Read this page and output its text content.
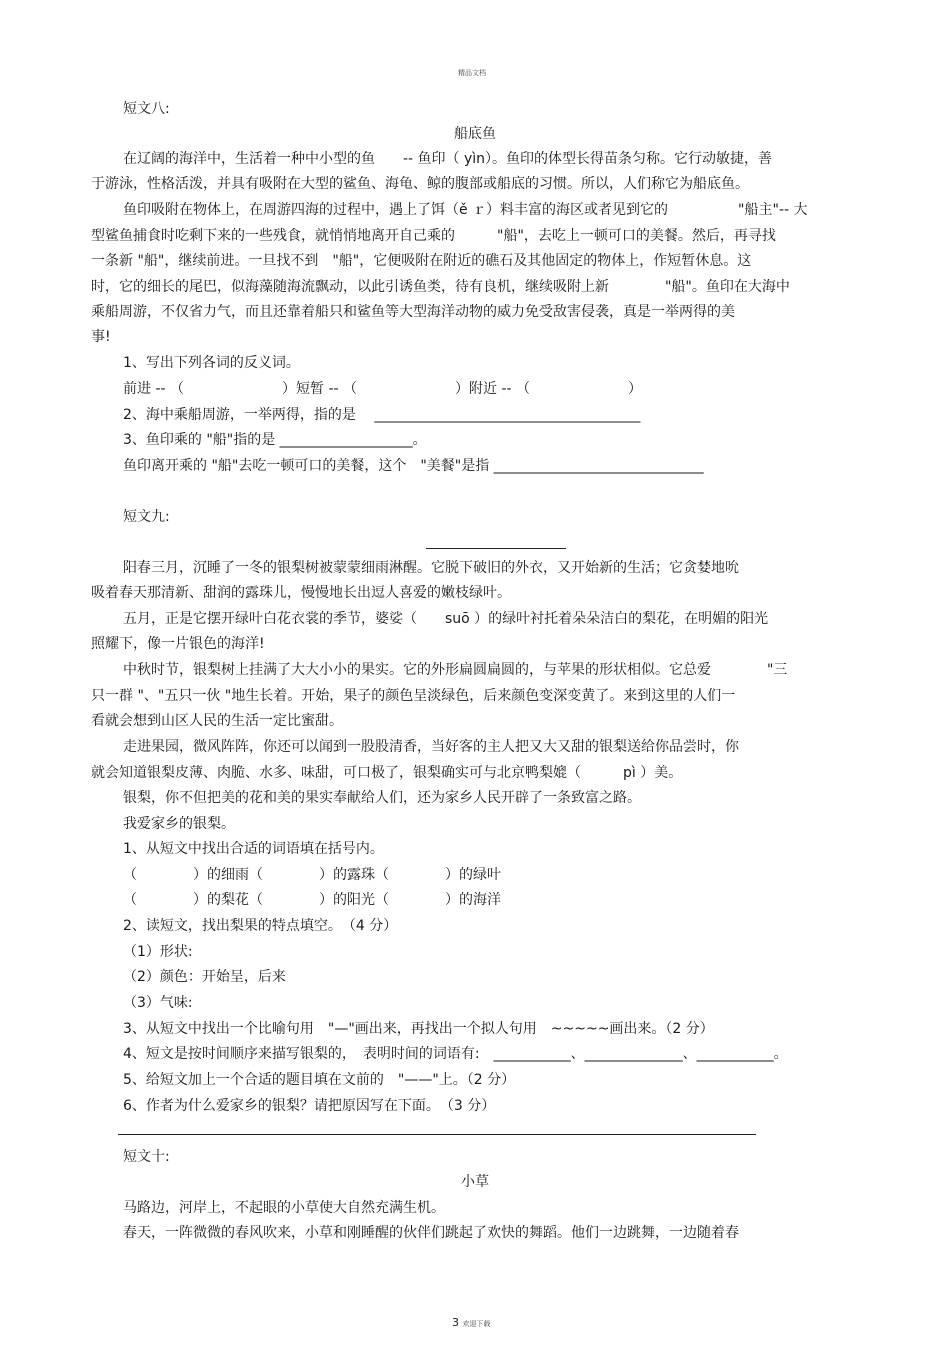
精品文档
短文八:
船底鱼
在辽阔的海洋中，生活着一种中小型的鱼　　-- 鱼印（ yìn）。鱼印的体型长得苗条匀称。它行动敏捷，善
于游泳，性格活泼，并具有吸附在大型的鲨鱼、海龟、鲸的腹部或船底的习惯。所以，人们称它为船底鱼。
鱼印吸附在物体上，在周游四海的过程中，遇上了饵（ě ｒ）料丰富的海区或者见到它的　　　　　"船主"-- 大
型鲨鱼捕食时吃剩下来的一些残食，就悄悄地离开自己乘的　　　"船"，去吃上一顿可口的美餐。然后，再寻找
一条新 "船"，继续前进。一旦找不到　"船"，它便吸附在附近的礁石及其他固定的物体上，作短暂休息。这
时，它的细长的尾巴，似海藻随海流飘动，以此引诱鱼类，待有良机，继续吸附上新　　　　"船"。鱼印在大海中
乘船周游，不仅省力气，而且还靠着船只和鲨鱼等大型海洋动物的威力免受敌害侵袭，真是一举两得的美
事!
1、写出下列各词的反义词。
前进 -- （　　　　　　　）短暂 -- （　　　　　　　）附近 -- （　　　　　　　）
2、海中乘船周游，一举两得，指的是　 ______________________________________
3、鱼印乘的 "船"指的是 ___________________。
鱼印离开乘的 "船"去吃一顿可口的美餐，这个　"美餐"是指 ______________________________
短文九:
阳春三月，沉睡了一冬的银梨树被蒙蒙细雨淋醒。它脱下破旧的外衣，又开始新的生活；它贪婪地吮
吸着春天那清新、甜润的露珠儿，慢慢地长出逗人喜爱的嫩枝绿叶。
五月，正是它摆开绿叶白花衣裳的季节，婆娑（　　suō ）的绿叶衬托着朵朵洁白的梨花，在明媚的阳光
照耀下，像一片银色的海洋!
中秋时节，银梨树上挂满了大大小小的果实。它的外形扁圆扁圆的，与苹果的形状相似。它总爱　　　　"三
只一群 "、"五只一伙 "地生长着。开始，果子的颜色呈淡绿色，后来颜色变深变黄了。来到这里的人们一
看就会想到山区人民的生活一定比蜜甜。
走进果园，微风阵阵，你还可以闻到一股股清香，当好客的主人把又大又甜的银梨送给你品尝时，你
就会知道银梨皮薄、肉脆、水多、味甜，可口极了，银梨确实可与北京鸭梨媲（　　　pì ）美。
银梨，你不但把美的花和美的果实奉献给人们，还为家乡人民开辟了一条致富之路。
我爱家乡的银梨。
1、从短文中找出合适的词语填在括号内。
（　　　　）的细雨（　　　　）的露珠（　　　　）的绿叶
（　　　　）的梨花（　　　　）的阳光（　　　　）的海洋
2、读短文，找出梨果的特点填空。　（4 分）
（1）形状:
（2）颜色：开始呈，后来
（3）气味:
3、从短文中找出一个比喻句用　"—"画出来，再找出一个拟人句用　~~~~~画出来。（2 分）
4、短文是按时间顺序来描写银梨的，　表明时间的词语有:　___________、______________、___________。
5、给短文加上一个合适的题目填在文前的　"——"上。（2 分）
6、作者为什么爱家乡的银梨？请把原因写在下面。　（3 分）
短文十:
小草
马路边，河岸上，不起眼的小草使大自然充满生机。
春天，一阵微微的春风吹来，小草和刚睡醒的伙伴们跳起了欢快的舞蹈。他们一边跳舞，一边随着春
3 欢迎下载
